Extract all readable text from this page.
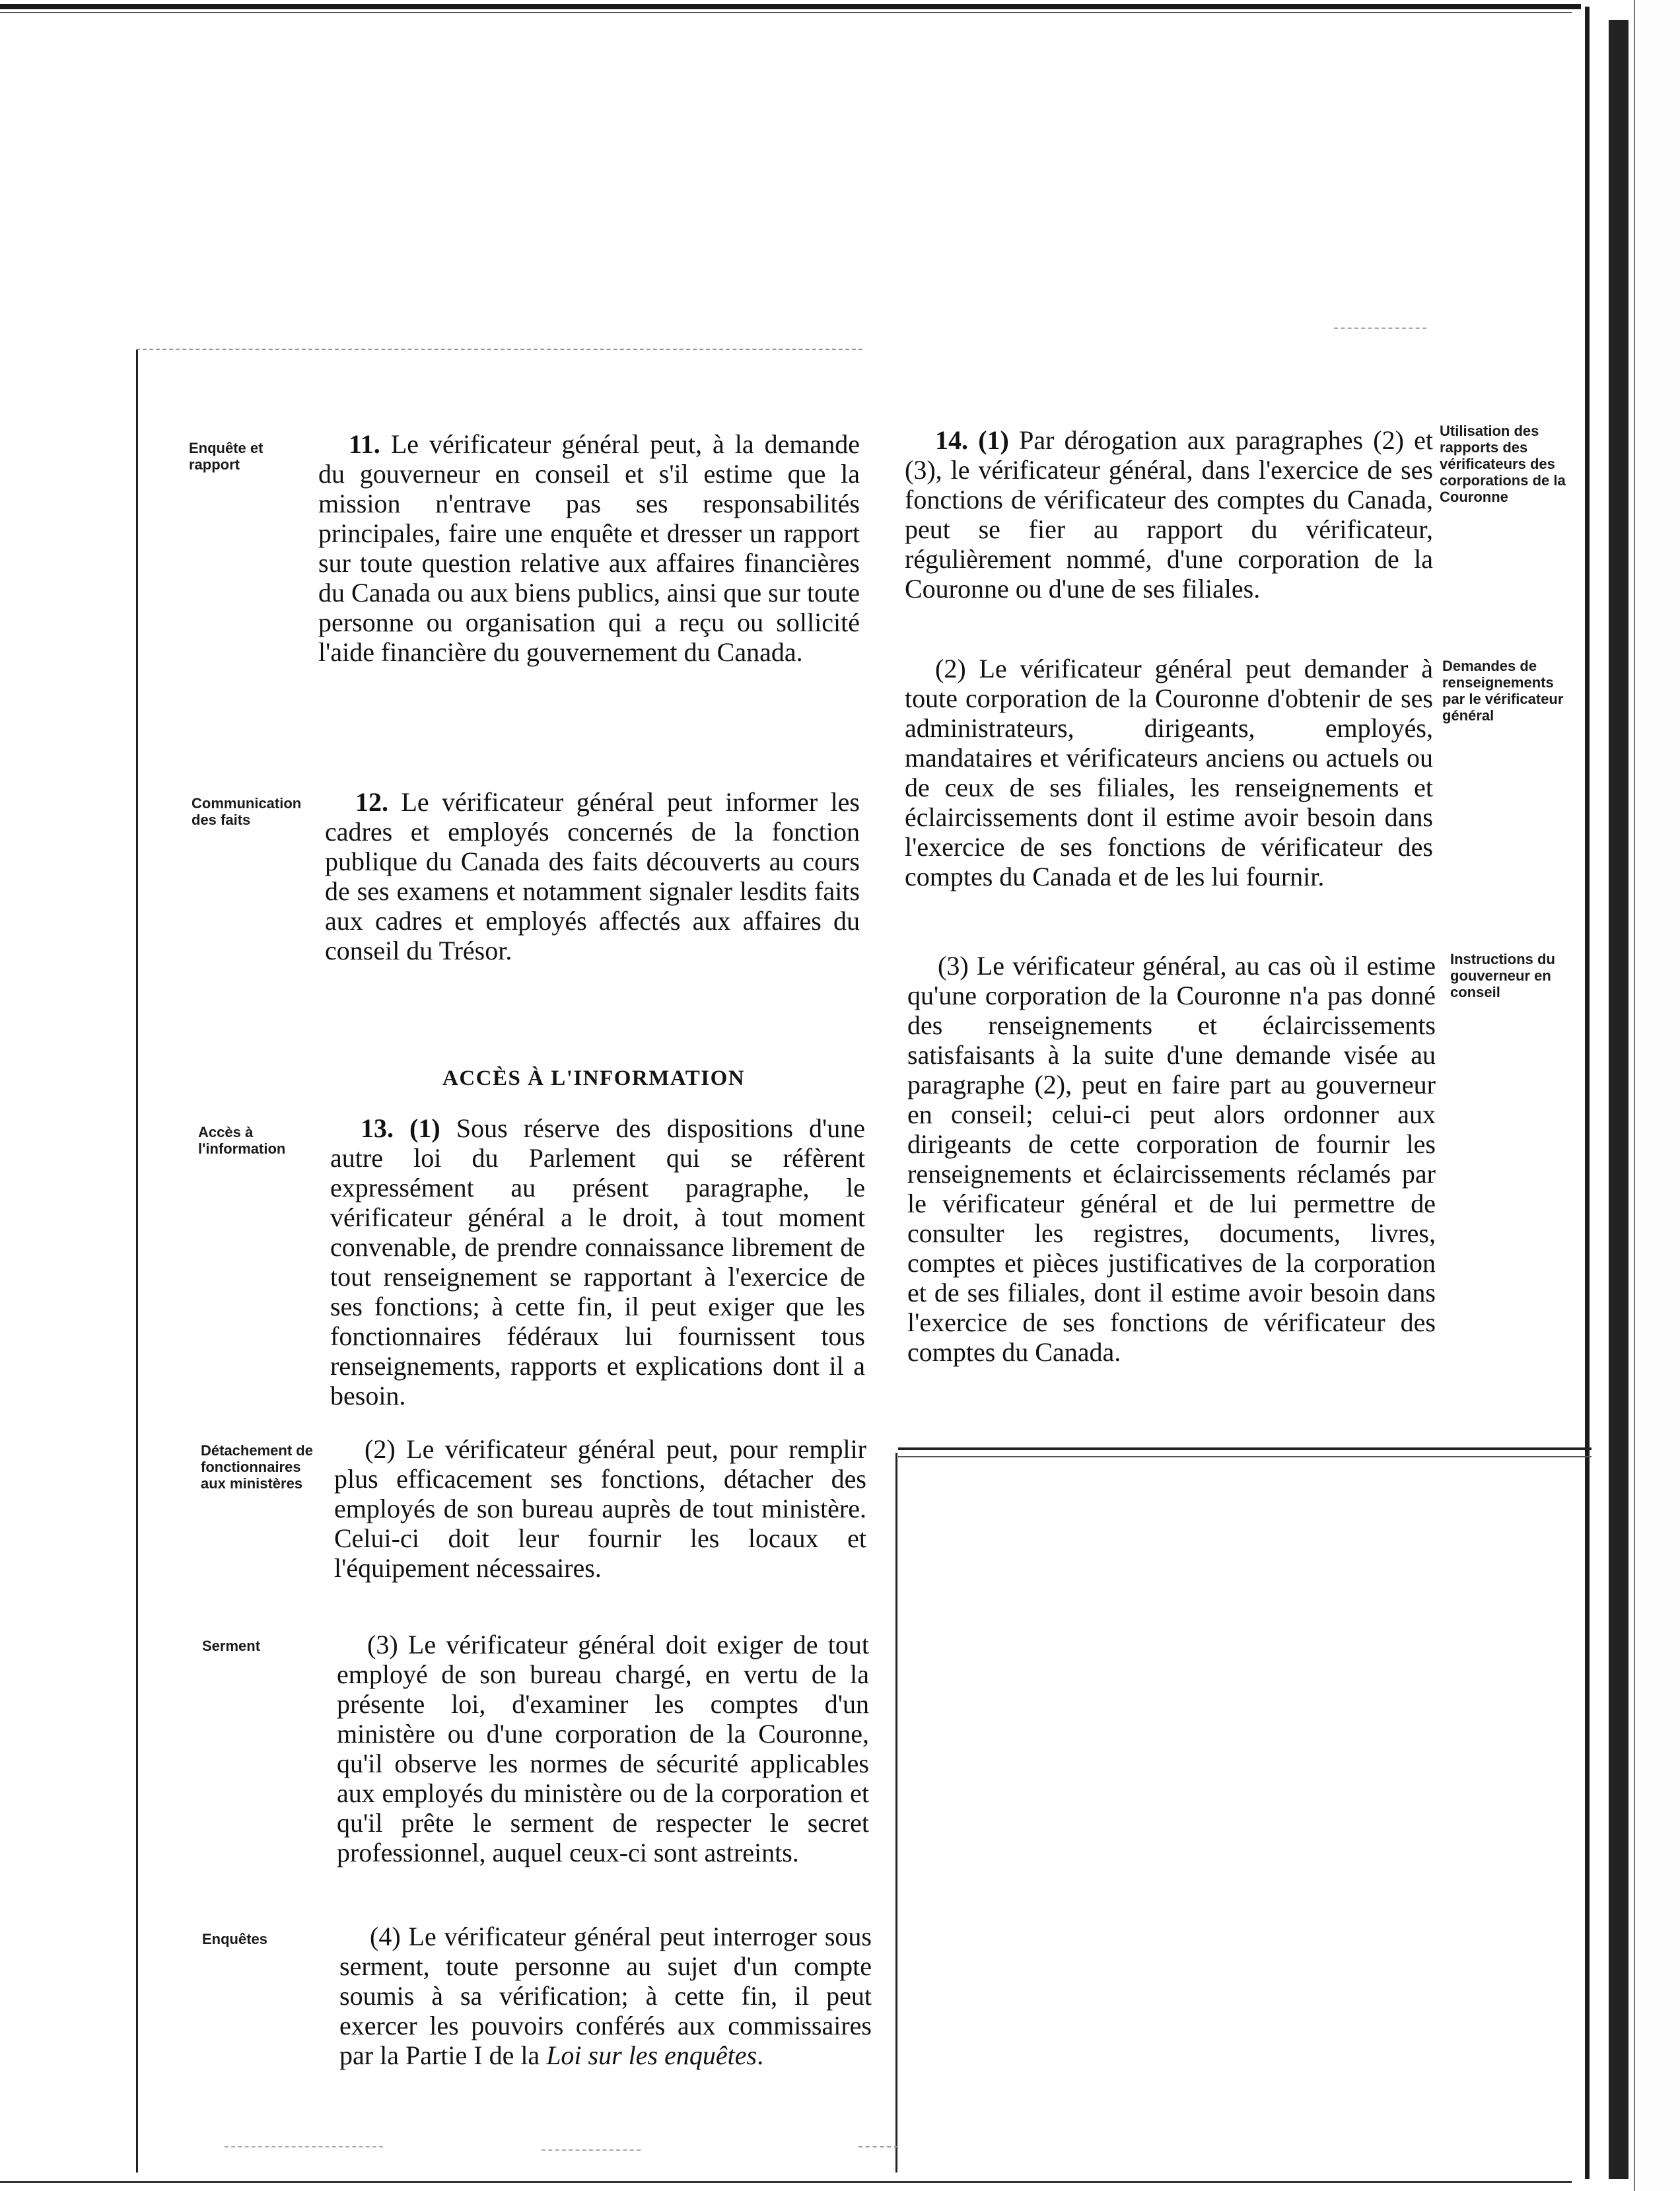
Enquête et rapport
11. Le vérificateur général peut, à la demande du gouverneur en conseil et s'il estime que la mission n'entrave pas ses responsabilités principales, faire une enquête et dresser un rapport sur toute question relative aux affaires financières du Canada ou aux biens publics, ainsi que sur toute personne ou organisation qui a reçu ou sollicité l'aide financière du gouvernement du Canada.
Communication des faits
12. Le vérificateur général peut informer les cadres et employés concernés de la fonction publique du Canada des faits découverts au cours de ses examens et notamment signaler lesdits faits aux cadres et employés affectés aux affaires du conseil du Trésor.
ACCÈS À L'INFORMATION
Accès à l'information
13. (1) Sous réserve des dispositions d'une autre loi du Parlement qui se réfèrent expressément au présent paragraphe, le vérificateur général a le droit, à tout moment convenable, de prendre connaissance librement de tout renseignement se rapportant à l'exercice de ses fonctions; à cette fin, il peut exiger que les fonctionnaires fédéraux lui fournissent tous renseignements, rapports et explications dont il a besoin.
Détachement de fonctionnaires aux ministères
(2) Le vérificateur général peut, pour remplir plus efficacement ses fonctions, détacher des employés de son bureau auprès de tout ministère. Celui-ci doit leur fournir les locaux et l'équipement nécessaires.
Serment	(3) Le vérificateur général doit exiger de tout employé de son bureau chargé, en vertu de la présente loi, d'examiner les comptes d'un ministère ou d'une corporation de la Couronne, qu'il observe les normes de sécurité applicables aux employés du ministère ou de la corporation et qu'il prête le serment de respecter le secret professionnel, auquel ceux-ci sont astreints.
Enquêtes	(4) Le vérificateur général peut interroger sous serment, toute personne au sujet d'un compte soumis à sa vérification; à cette fin, il peut exercer les pouvoirs conférés aux commissaires par la Partie I de la Loi sur les enquêtes.
14. (1) Par dérogation aux paragraphes (2) et (3), le vérificateur général, dans l'exercice de ses fonctions de vérificateur des comptes du Canada, peut se fier au rapport du vérificateur, régulièrement nommé, d'une corporation de la Couronne ou d'une de ses filiales.
Utilisation des rapports des vérificateurs des corporations de la Couronne
(2) Le vérificateur général peut demander à toute corporation de la Couronne d'obtenir de ses administrateurs, dirigeants, employés, mandataires et vérificateurs anciens ou actuels ou de ceux de ses filiales, les renseignements et éclaircissements dont il estime avoir besoin dans l'exercice de ses fonctions de vérificateur des comptes du Canada et de les lui fournir.
Demandes de renseignements par le vérificateur général
(3) Le vérificateur général, au cas où il estime qu'une corporation de la Couronne n'a pas donné des renseignements et éclaircissements satisfaisants à la suite d'une demande visée au paragraphe (2), peut en faire part au gouverneur en conseil; celui-ci peut alors ordonner aux dirigeants de cette corporation de fournir les renseignements et éclaircissements réclamés par le vérificateur général et de lui permettre de consulter les registres, documents, livres, comptes et pièces justificatives de la corporation et de ses filiales, dont il estime avoir besoin dans l'exercice de ses fonctions de vérificateur des comptes du Canada.
Instructions du gouverneur en conseil
